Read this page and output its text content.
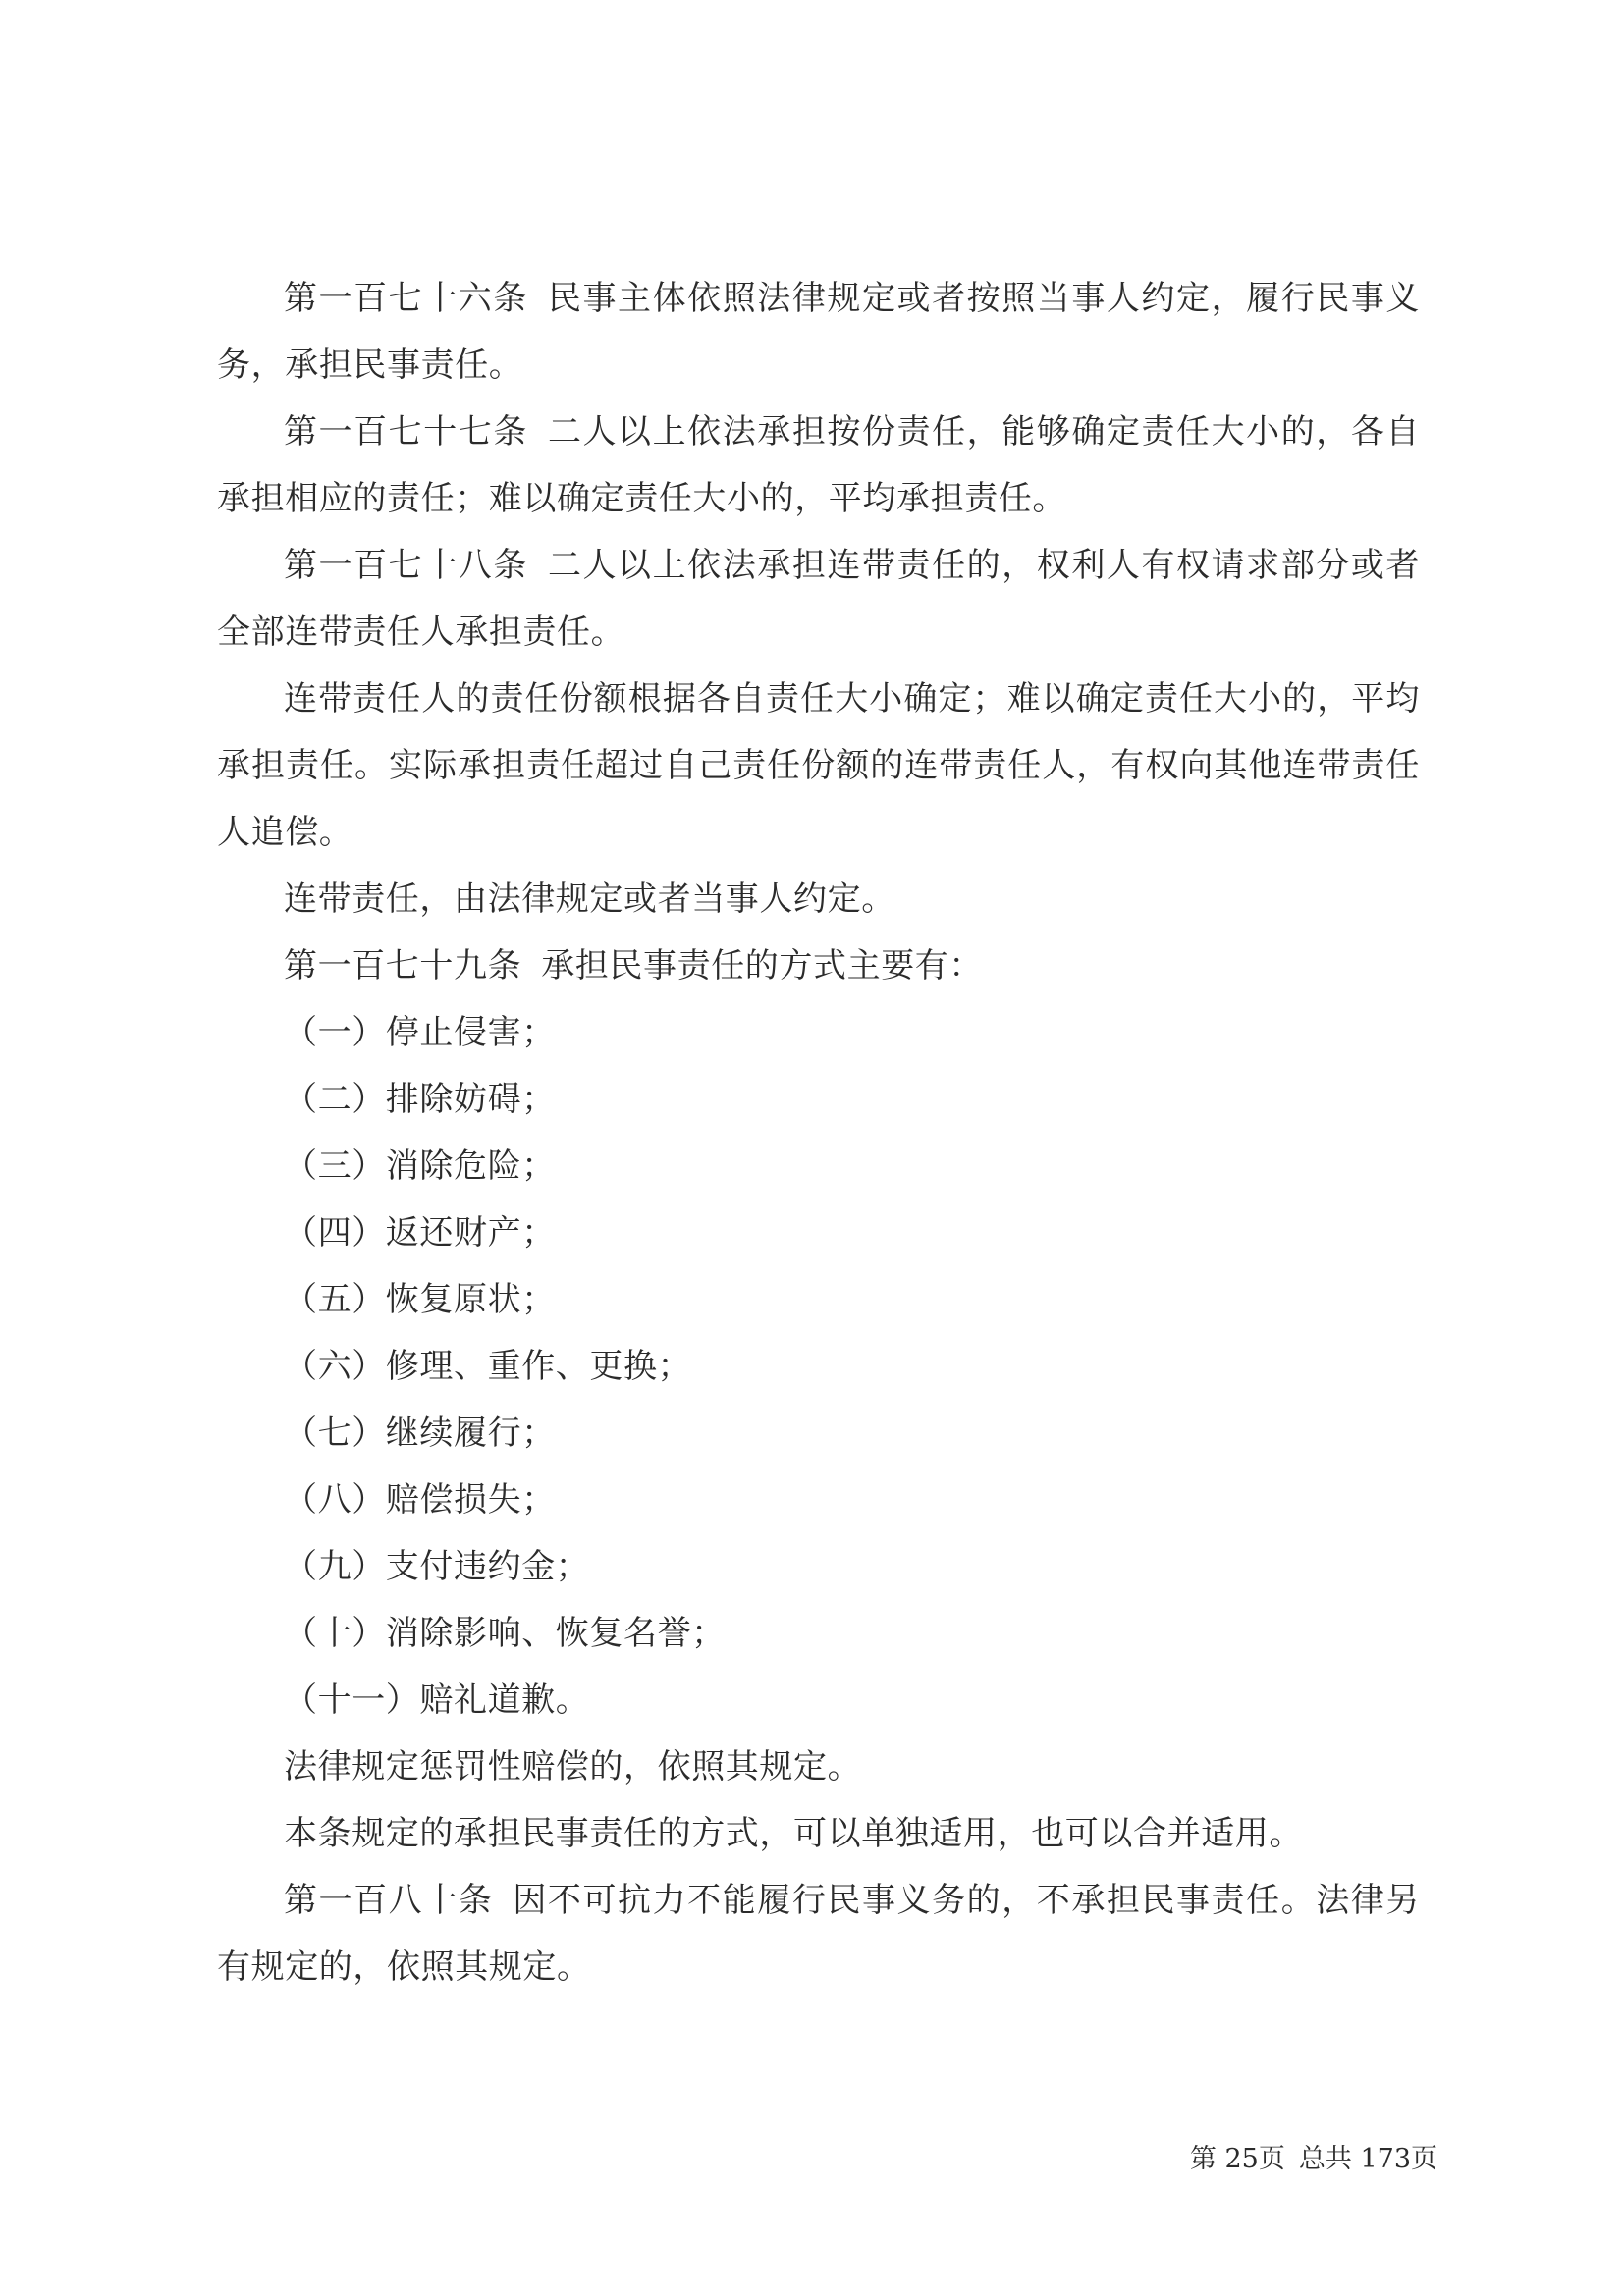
第一百七十六条 民事主体依照法律规定或者按照当事人约定，履行民事义务，承担民事责任。

第一百七十七条 二人以上依法承担按份责任，能够确定责任大小的，各自承担相应的责任；难以确定责任大小的，平均承担责任。

第一百七十八条 二人以上依法承担连带责任的，权利人有权请求部分或者全部连带责任人承担责任。

连带责任人的责任份额根据各自责任大小确定；难以确定责任大小的，平均承担责任。实际承担责任超过自己责任份额的连带责任人，有权向其他连带责任人追偿。

连带责任，由法律规定或者当事人约定。

第一百七十九条 承担民事责任的方式主要有：

（一）停止侵害；

（二）排除妨碍；

（三）消除危险；

（四）返还财产；

（五）恢复原状；

（六）修理、重作、更换；

（七）继续履行；

（八）赔偿损失；

（九）支付违约金；

（十）消除影响、恢复名誉；

（十一）赔礼道歉。

法律规定惩罚性赔偿的，依照其规定。

本条规定的承担民事责任的方式，可以单独适用，也可以合并适用。

第一百八十条 因不可抗力不能履行民事义务的，不承担民事责任。法律另有规定的，依照其规定。

第 25页 总共 173页
